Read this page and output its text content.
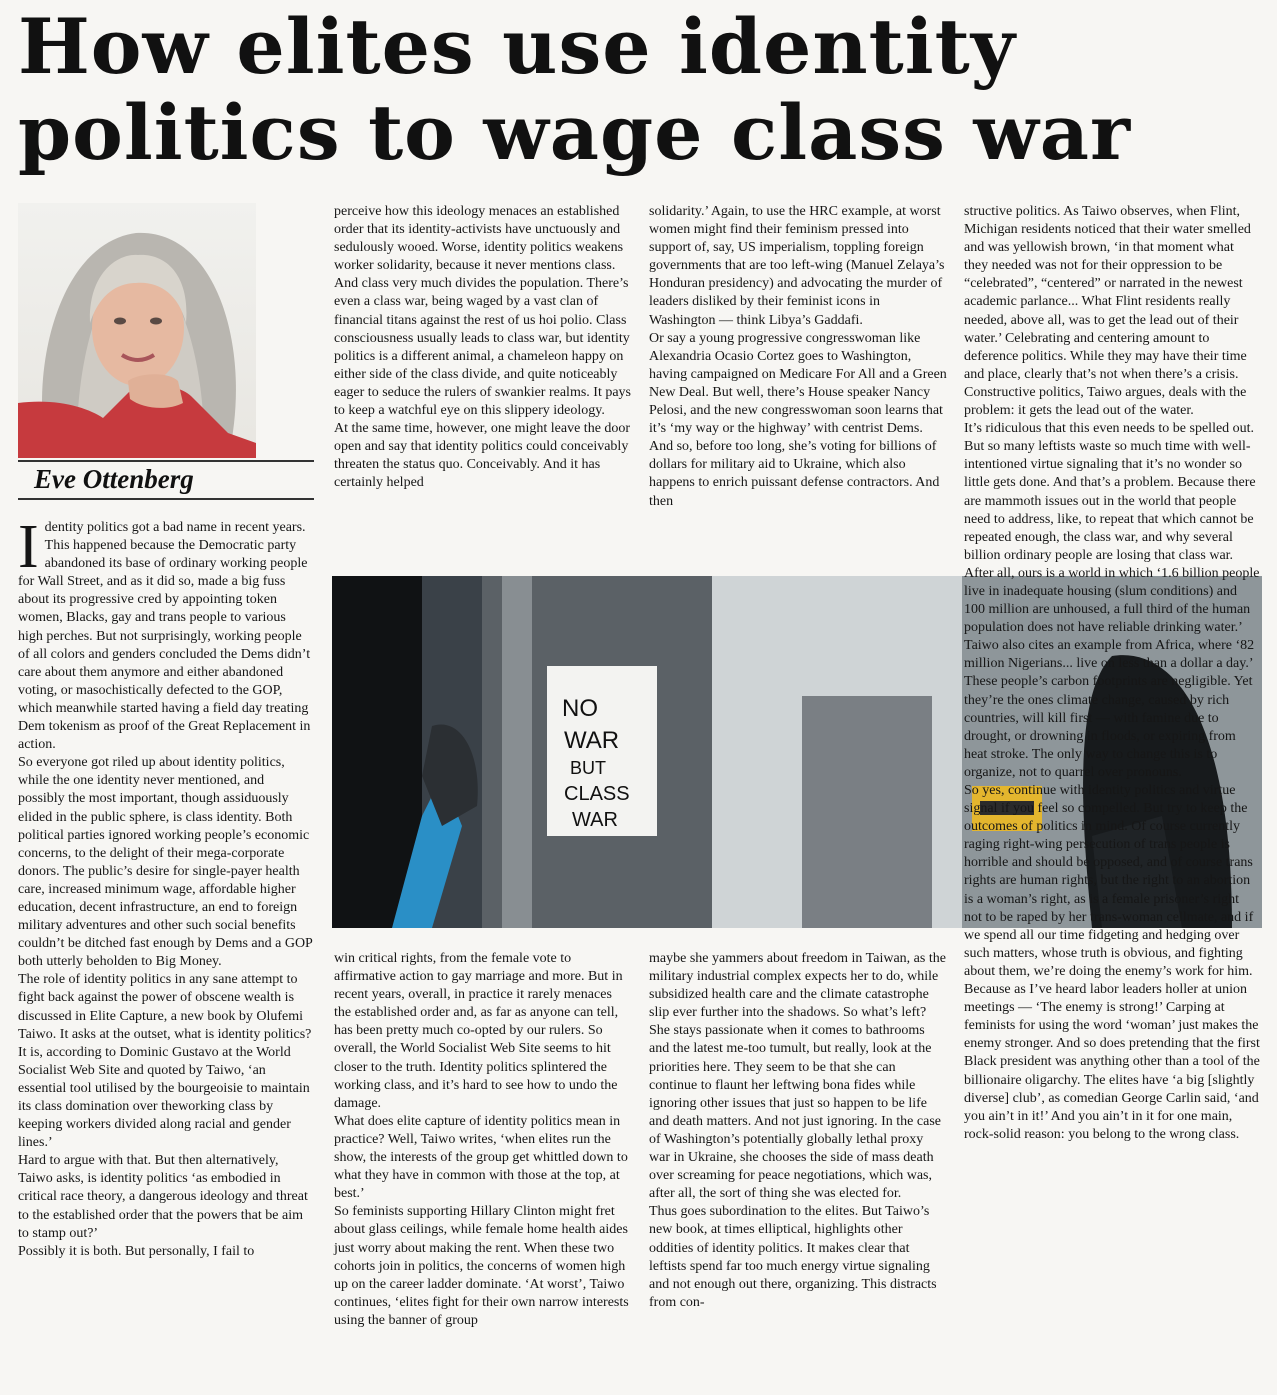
How elites use identity
politics to wage class war
Eve Ottenberg

Identity politics got a bad name in recent years. This happened because the Democratic party abandoned its base of ordinary working people for Wall Street, and as it did so, made a big fuss about its progressive cred by appointing token women, Blacks, gay and trans people to various high perches. But not surprisingly, working people of all colors and genders concluded the Dems didn’t care about them anymore and either abandoned voting, or masochistically defected to the GOP, which meanwhile started having a field day treating Dem tokenism as proof of the Great Replacement in action.

So everyone got riled up about identity politics, while the one identity never mentioned, and possibly the most important, though assiduously elided in the public sphere, is class identity. Both political parties ignored working people’s economic concerns, to the delight of their mega-corporate donors. The public’s desire for single-payer health care, increased minimum wage, affordable higher education, decent infrastructure, an end to foreign military adventures and other such social benefits couldn’t be ditched fast enough by Dems and a GOP both utterly beholden to Big Money.

The role of identity politics in any sane attempt to fight back against the power of obscene wealth is discussed in Elite Capture, a new book by Olufemi Taiwo. It asks at the outset, what is identity politics? It is, according to Dominic Gustavo at the World Socialist Web Site and quoted by Taiwo, ‘an essential tool utilised by the bourgeoisie to maintain its class domination over theworking class by keeping workers divided along racial and gender lines.’

Hard to argue with that. But then alternatively, Taiwo asks, is identity politics ‘as embodied in critical race theory, a dangerous ideology and threat to the established order that the powers that be aim to stamp out?’

Possibly it is both. But personally, I fail to

perceive how this ideology menaces an established order that its identity-activists have unctuously and sedulously wooed. Worse, identity politics weakens worker solidarity, because it never mentions class. And class very much divides the population. There’s even a class war, being waged by a vast clan of financial titans against the rest of us hoi polio. Class consciousness usually leads to class war, but identity politics is a different animal, a chameleon happy on either side of the class divide, and quite noticeably eager to seduce the rulers of swankier realms. It pays to keep a watchful eye on this slippery ideology.

At the same time, however, one might leave the door open and say that identity politics could conceivably threaten the status quo. Conceivably. And it has certainly helped

solidarity.’ Again, to use the HRC example, at worst women might find their feminism pressed into support of, say, US imperialism, toppling foreign governments that are too left-wing (Manuel Zelaya’s Honduran presidency) and advocating the murder of leaders disliked by their feminist icons in Washington — think Libya’s Gaddafi.

Or say a young progressive congresswoman like Alexandria Ocasio Cortez goes to Washington, having campaigned on Medicare For All and a Green New Deal. But well, there’s House speaker Nancy Pelosi, and the new congresswoman soon learns that it’s ‘my way or the highway’ with centrist Dems. And so, before too long, she’s voting for billions of dollars for military aid to Ukraine, which also happens to enrich puissant defense contractors. And then

NO
WAR
BUT
CLASS
WAR

win critical rights, from the female vote to affirmative action to gay marriage and more. But in recent years, overall, in practice it rarely menaces the established order and, as far as anyone can tell, has been pretty much co-opted by our rulers. So overall, the World Socialist Web Site seems to hit closer to the truth. Identity politics splintered the working class, and it’s hard to see how to undo the damage.

What does elite capture of identity politics mean in practice? Well, Taiwo writes, ‘when elites run the show, the interests of the group get whittled down to what they have in common with those at the top, at best.’

So feminists supporting Hillary Clinton might fret about glass ceilings, while female home health aides just worry about making the rent. When these two cohorts join in politics, the concerns of women high up on the career ladder dominate. ‘At worst’, Taiwo continues, ‘elites fight for their own narrow interests using the banner of group

maybe she yammers about freedom in Taiwan, as the military industrial complex expects her to do, while subsidized health care and the climate catastrophe slip ever further into the shadows. So what’s left? She stays passionate when it comes to bathrooms and the latest me-too tumult, but really, look at the priorities here. They seem to be that she can continue to flaunt her leftwing bona fides while ignoring other issues that just so happen to be life and death matters. And not just ignoring. In the case of Washington’s potentially globally lethal proxy war in Ukraine, she chooses the side of mass death over screaming for peace negotiations, which was, after all, the sort of thing she was elected for.

Thus goes subordination to the elites. But Taiwo’s new book, at times elliptical, highlights other oddities of identity politics. It makes clear that leftists spend far too much energy virtue signaling and not enough out there, organizing. This distracts from con-

structive politics. As Taiwo observes, when Flint, Michigan residents noticed that their water smelled and was yellowish brown, ‘in that moment what they needed was not for their oppression to be “celebrated”, “centered” or narrated in the newest academic parlance... What Flint residents really needed, above all, was to get the lead out of their water.’ Celebrating and centering amount to deference politics. While they may have their time and place, clearly that’s not when there’s a crisis.

Constructive politics, Taiwo argues, deals with the problem: it gets the lead out of the water.

It’s ridiculous that this even needs to be spelled out. But so many leftists waste so much time with well-intentioned virtue signaling that it’s no wonder so little gets done. And that’s a problem. Because there are mammoth issues out in the world that people need to address, like, to repeat that which cannot be repeated enough, the class war, and why several billion ordinary people are losing that class war.

After all, ours is a world in which ‘1.6 billion people live in inadequate housing (slum conditions) and 100 million are unhoused, a full third of the human population does not have reliable drinking water.’ Taiwo also cites an example from Africa, where ‘82 million Nigerians... live on less than a dollar a day.’ These people’s carbon footprints are negligible. Yet they’re the ones climate change, caused by rich countries, will kill first — with famine due to drought, or drowning in floods, or expiring from heat stroke. The only way to change this is to organize, not to quarrel over pronouns.

So yes, continue with identity politics and virtue signal if you feel so compelled. But try to keep the outcomes of politics in mind. Of course currently raging right-wing persecution of trans people is horrible and should be opposed, and of course trans rights are human rights, but the right to an abortion is a woman’s right, as is a female prisoner’s right not to be raped by her trans-woman cellmate, and if we spend all our time fidgeting and hedging over such matters, whose truth is obvious, and fighting about them, we’re doing the enemy’s work for him. Because as I’ve heard labor leaders holler at union meetings — ‘The enemy is strong!’ Carping at feminists for using the word ‘woman’ just makes the enemy stronger. And so does pretending that the first Black president was anything other than a tool of the billionaire oligarchy. The elites have ‘a big [slightly diverse] club’, as comedian George Carlin said, ‘and you ain’t in it!’ And you ain’t in it for one main, rock-solid reason: you belong to the wrong class.
